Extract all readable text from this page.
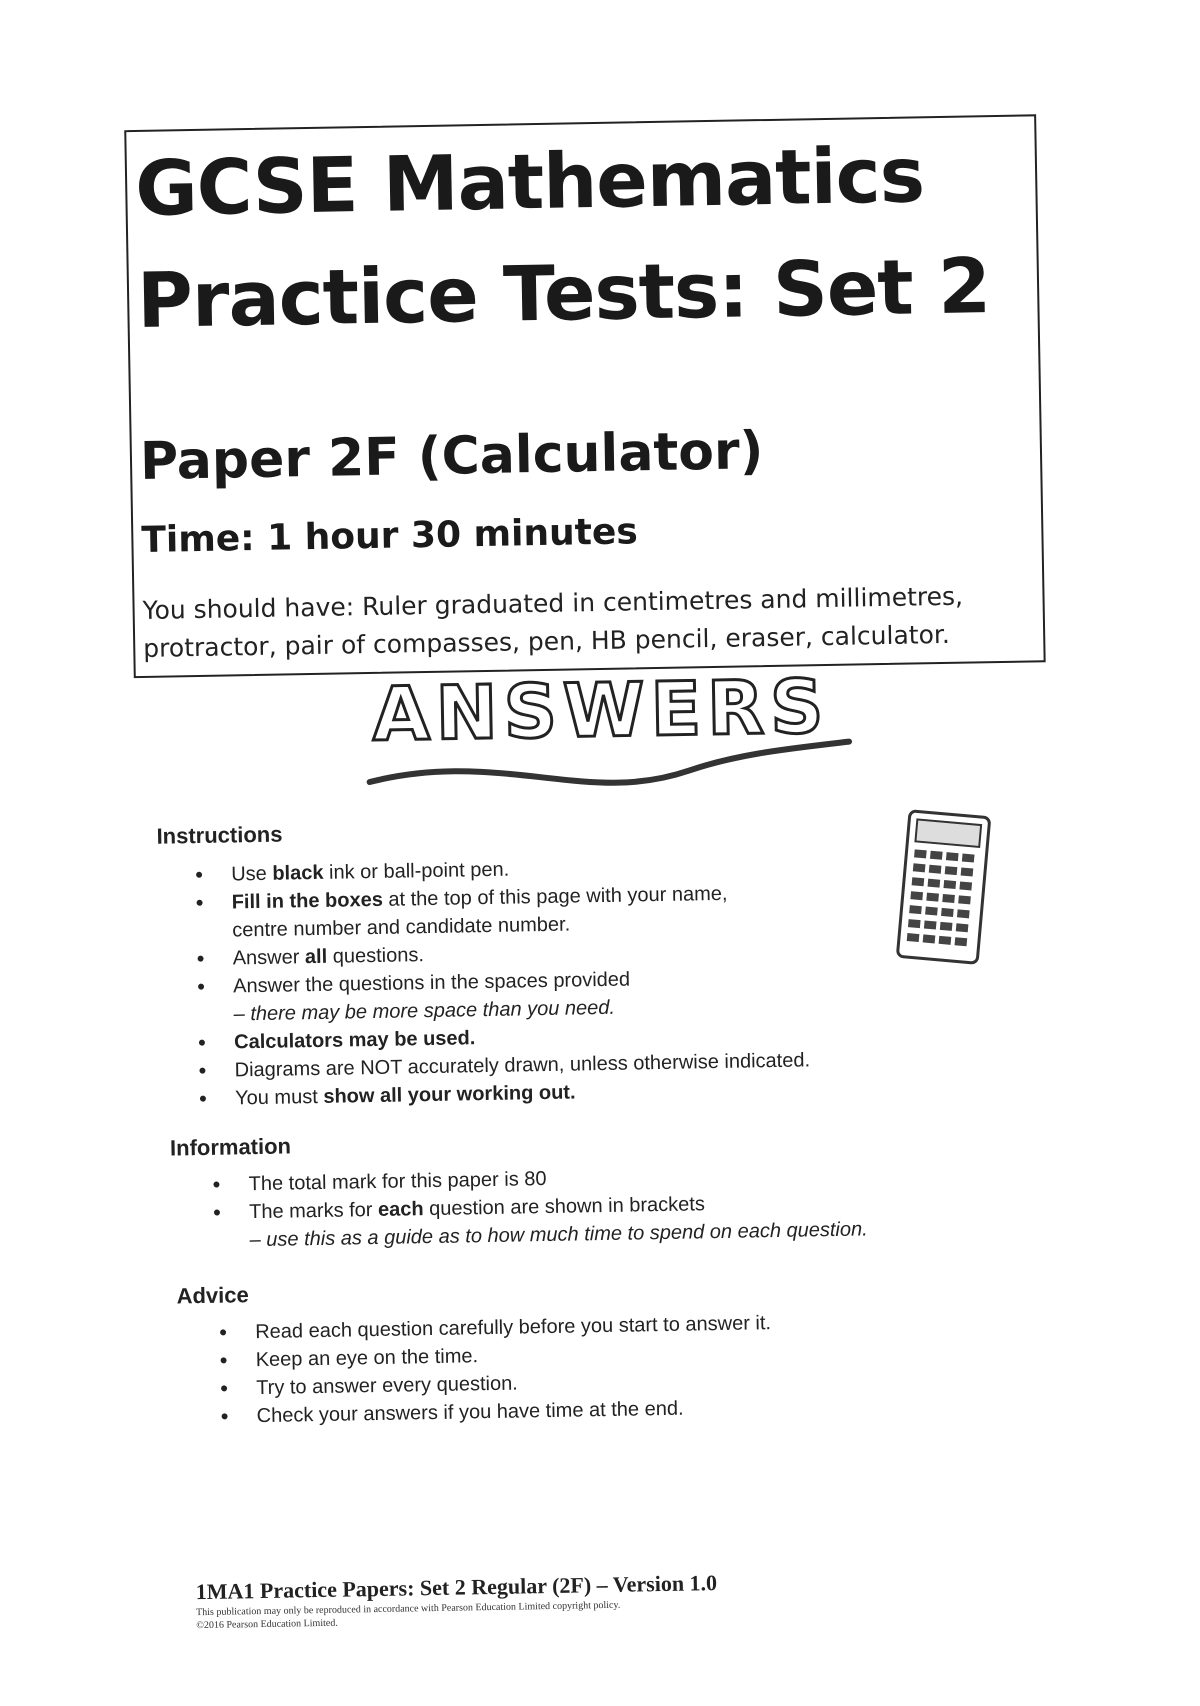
GCSE Mathematics
Practice Tests: Set 2
Paper 2F (Calculator)
Time: 1 hour 30 minutes
You should have: Ruler graduated in centimetres and millimetres,
protractor, pair of compasses, pen, HB pencil, eraser, calculator.
ANSWERS
Instructions
• Use black ink or ball-point pen.
• Fill in the boxes at the top of this page with your name,
centre number and candidate number.
• Answer all questions.
• Answer the questions in the spaces provided
– there may be more space than you need.
• Calculators may be used.
• Diagrams are NOT accurately drawn, unless otherwise indicated.
• You must show all your working out.
Information
• The total mark for this paper is 80
• The marks for each question are shown in brackets
– use this as a guide as to how much time to spend on each question.
Advice
• Read each question carefully before you start to answer it.
• Keep an eye on the time.
• Try to answer every question.
• Check your answers if you have time at the end.
1MA1 Practice Papers: Set 2 Regular (2F) – Version 1.0
This publication may only be reproduced in accordance with Pearson Education Limited copyright policy.
©2016 Pearson Education Limited.
